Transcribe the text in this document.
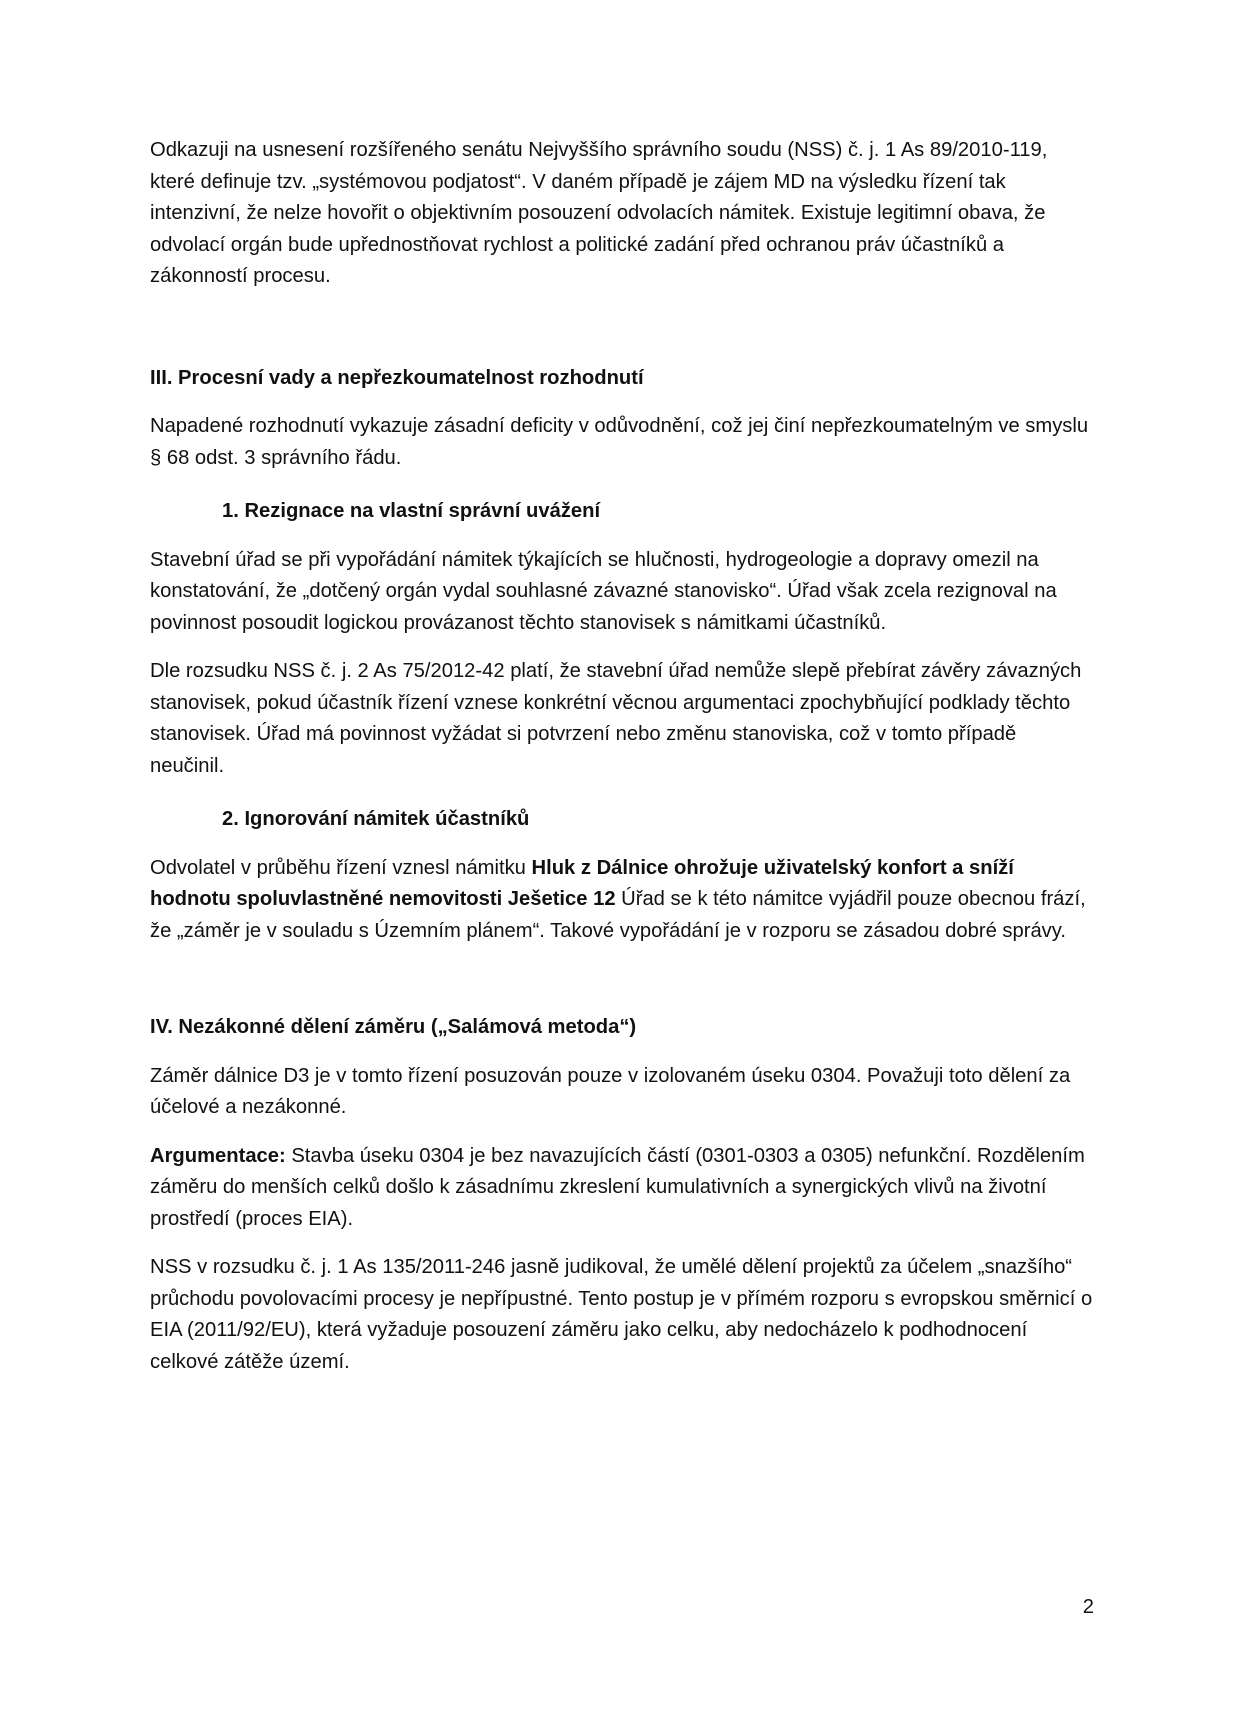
Odkazuji na usnesení rozšířeného senátu Nejvyššího správního soudu (NSS) č. j. 1 As 89/2010-119, které definuje tzv. „systémovou podjatost“. V daném případě je zájem MD na výsledku řízení tak intenzivní, že nelze hovořit o objektivním posouzení odvolacích námitek. Existuje legitimní obava, že odvolací orgán bude upřednostňovat rychlost a politické zadání před ochranou práv účastníků a zákonností procesu.

III. Procesní vady a nepřezkoumatelnost rozhodnutí

Napadené rozhodnutí vykazuje zásadní deficity v odůvodnění, což jej činí nepřezkoumatelným ve smyslu § 68 odst. 3 správního řádu.

1. Rezignace na vlastní správní uvážení

Stavební úřad se při vypořádání námitek týkajících se hlučnosti, hydrogeologie a dopravy omezil na konstatování, že „dotčený orgán vydal souhlasné závazné stanovisko“. Úřad však zcela rezignoval na povinnost posoudit logickou provázanost těchto stanovisek s námitkami účastníků.

Dle rozsudku NSS č. j. 2 As 75/2012-42 platí, že stavební úřad nemůže slepě přebírat závěry závazných stanovisek, pokud účastník řízení vznese konkrétní věcnou argumentaci zpochybňující podklady těchto stanovisek. Úřad má povinnost vyžádat si potvrzení nebo změnu stanoviska, což v tomto případě neučinil.

2. Ignorování námitek účastníků

Odvolatel v průběhu řízení vznesl námitku Hluk z Dálnice ohrožuje uživatelský konfort a sníží hodnotu spoluvlastněné nemovitosti Ješetice 12 Úřad se k této námitce vyjádřil pouze obecnou frází, že „záměr je v souladu s Územním plánem“. Takové vypořádání je v rozporu se zásadou dobré správy.

IV. Nezákonné dělení záměru („Salámová metoda“)

Záměr dálnice D3 je v tomto řízení posuzován pouze v izolovaném úseku 0304. Považuji toto dělení za účelové a nezákonné.

Argumentace: Stavba úseku 0304 je bez navazujících částí (0301-0303 a 0305) nefunkční. Rozdělením záměru do menších celků došlo k zásadnímu zkreslení kumulativních a synergických vlivů na životní prostředí (proces EIA).

NSS v rozsudku č. j. 1 As 135/2011-246 jasně judikoval, že umělé dělení projektů za účelem „snazšího“ průchodu povolovacími procesy je nepřípustné. Tento postup je v přímém rozporu s evropskou směrnicí o EIA (2011/92/EU), která vyžaduje posouzení záměru jako celku, aby nedocházelo k podhodnocení celkové zátěže území.

2
